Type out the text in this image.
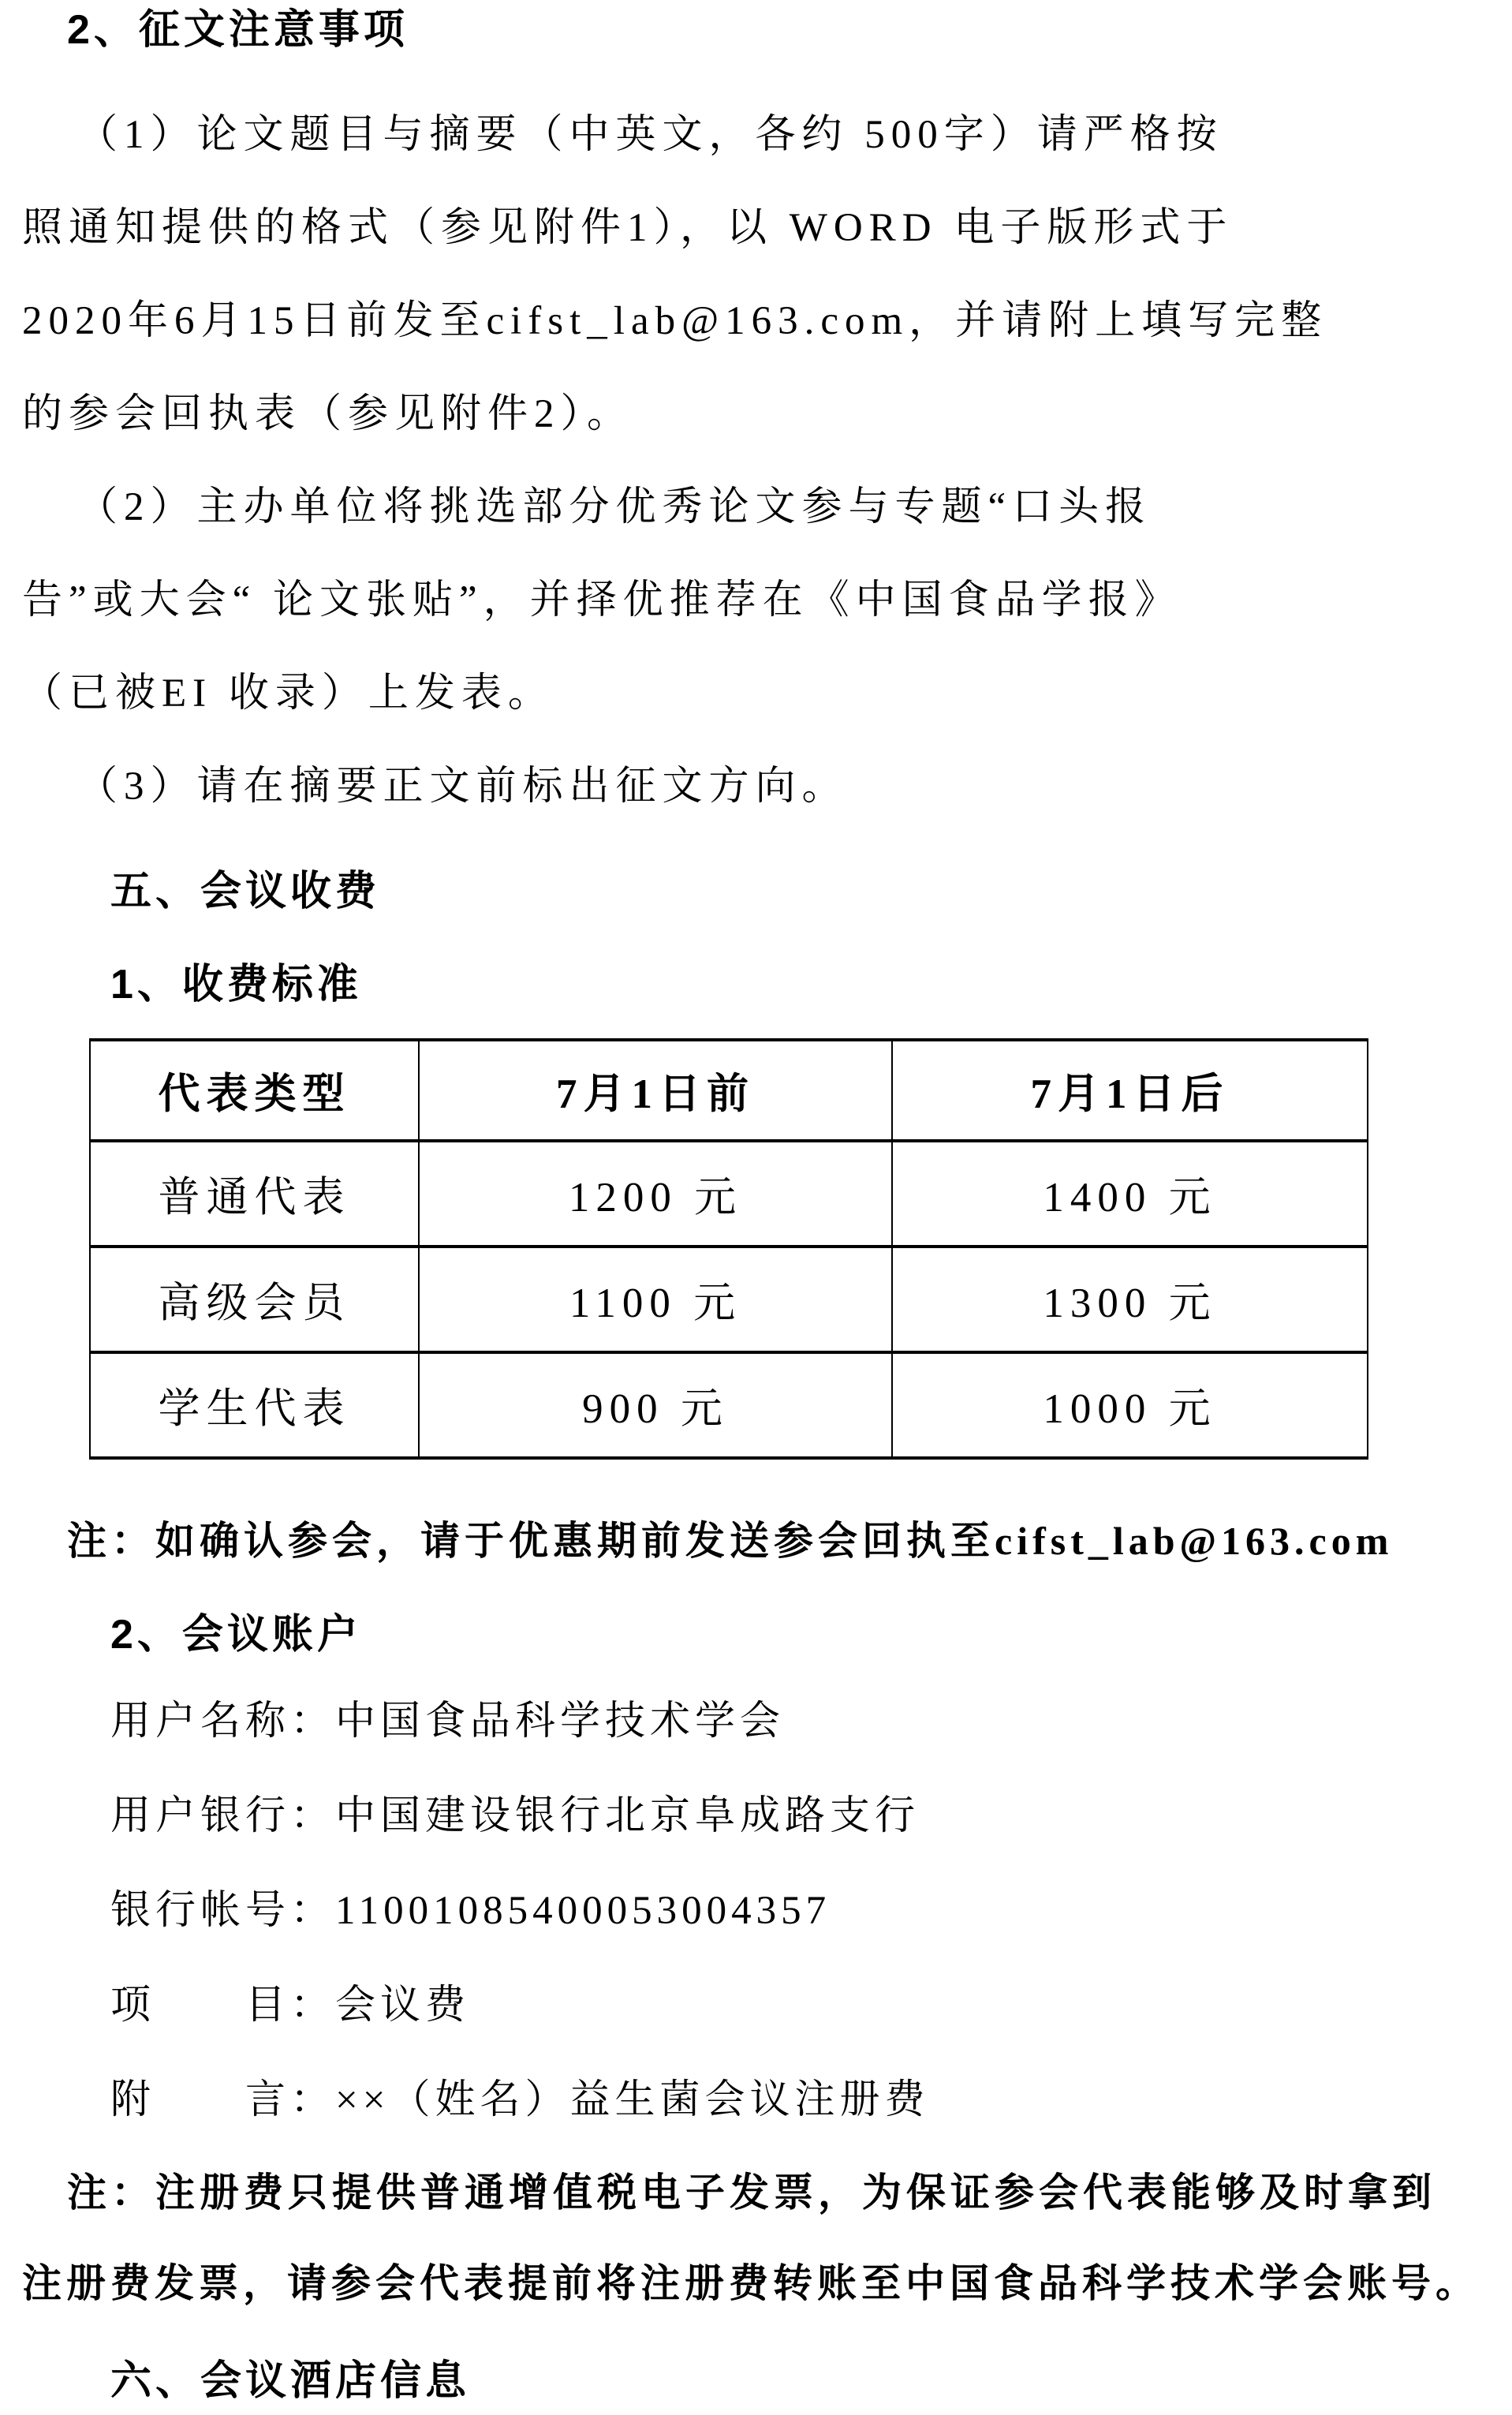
2、征文注意事项
（1）论文题目与摘要（中英文，各约 500字）请严格按
照通知提供的格式（参见附件1），以 WORD 电子版形式于
2020年6月15日前发至cifst_lab@163.com，并请附上填写完整
的参会回执表（参见附件2）。
（2）主办单位将挑选部分优秀论文参与专题“口头报
告”或大会“ 论文张贴”，并择优推荐在《中国食品学报》
（已被EI 收录）上发表。
（3）请在摘要正文前标出征文方向。
五、会议收费
1、收费标准
代表类型	7月1日前	7月1日后
普通代表	1200 元	1400 元
高级会员	1100 元	1300 元
学生代表	900 元	1000 元
注：如确认参会，请于优惠期前发送参会回执至cifst_lab@163.com
2、会议账户
用户名称：中国食品科学技术学会
用户银行：中国建设银行北京阜成路支行
银行帐号：11001085400053004357
项　　目：会议费
附　　言：××（姓名）益生菌会议注册费
注：注册费只提供普通增值税电子发票，为保证参会代表能够及时拿到
注册费发票，请参会代表提前将注册费转账至中国食品科学技术学会账号。
六、会议酒店信息
